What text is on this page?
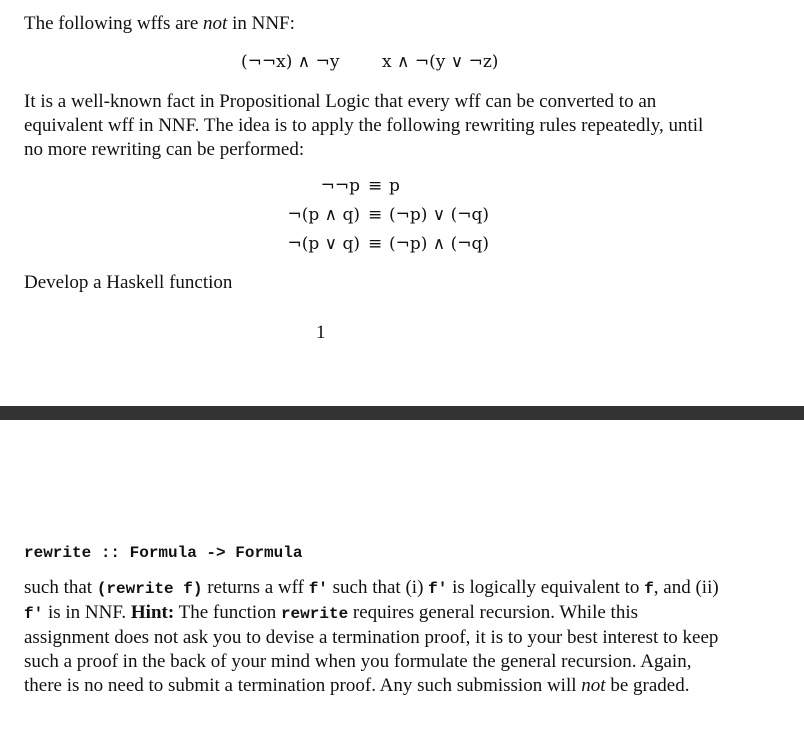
The following wffs are not in NNF:

(¬¬x) ∧ ¬y	x ∧ ¬(y ∨ ¬z)

It is a well-known fact in Propositional Logic that every wff can be converted to an equivalent wff in NNF. The idea is to apply the following rewriting rules repeatedly, until no more rewriting can be performed:

¬¬p ≡ p
¬(p ∧ q) ≡ (¬p) ∨ (¬q)
¬(p ∨ q) ≡ (¬p) ∧ (¬q)

Develop a Haskell function

1
rewrite :: Formula -> Formula

such that (rewrite f) returns a wff f' such that (i) f' is logically equivalent to f, and (ii) f' is in NNF. Hint: The function rewrite requires general recursion. While this assignment does not ask you to devise a termination proof, it is to your best interest to keep such a proof in the back of your mind when you formulate the general recursion. Again, there is no need to submit a termination proof. Any such submission will not be graded.
